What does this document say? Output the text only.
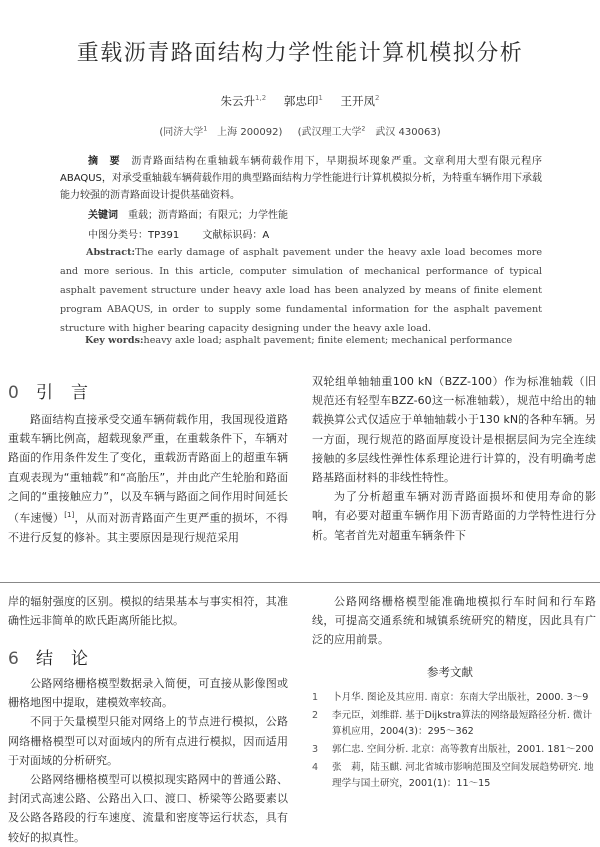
重载沥青路面结构力学性能计算机模拟分析
朱云升$^{1,2}$ 郭忠印$^1$ 王开凤$^2$
(同济大学$^1$　 上海 200092) (武汉理工大学$^2$　 武汉 430063)
摘　要　 沥青路面结构在重轴载车辆荷载作用下，早期损坏现象严重。文章利用大型有限元程序ABAQUS，对承受重轴载车辆荷载作用的典型路面结构力学性能进行计算机模拟分析，为特重车辆作用下承载能力较强的沥青路面设计提供基础资料。
关键词　 重载；沥青路面；有限元；力学性能
中图分类号：TP391 文献标识码：A
Abstract:The early damage of asphalt pavement under the heavy axle load becomes more and more serious. In this article, computer simulation of mechanical performance of typical asphalt pavement structure under heavy axle load has been analyzed by means of finite element program ABAQUS, in order to supply some fundamental information for the asphalt pavement structure with higher bearing capacity designing under the heavy axle load.
Key words:heavy axle load; asphalt pavement; finite element; mechanical performance
0 引言

路面结构直接承受交通车辆荷载作用，我国现役道路重载车辆比例高，超载现象严重，在重载条件下，车辆对路面的作用条件发生了变化，重载沥青路面上的超重车辆直观表现为“重轴载”和“高胎压”，并由此产生轮胎和路面之间的“重接触应力”，以及车辆与路面之间作用时间延长（车速慢）[1]，从而对沥青路面产生更严重的损坏，不得不进行反复的修补。其主要原因是现行规范采用

双轮组单轴轴重100 kN（BZZ-100）作为标准轴载（旧规范还有轻型车BZZ-60这一标准轴载），规范中给出的轴载换算公式仅适应于单轴轴载小于130 kN的各种车辆。另一方面，现行规范的路面厚度设计是根据层间为完全连续接触的多层线性弹性体系理论进行计算的，没有明确考虑路基路面材料的非线性特性。

为了分析超重车辆对沥青路面损坏和使用寿命的影响，有必要对超重车辆作用下沥青路面的力学特性进行分析。笔者首先对超重车辆条件下

岸的辐射强度的区别。模拟的结果基本与事实相符，其准确性远非简单的欧氏距离所能比拟。

6 结论

公路网络栅格模型数据录入简便，可直接从影像图或栅格地图中提取，建模效率较高。

不同于矢量模型只能对网络上的节点进行模拟，公路网络栅格模型可以对面域内的所有点进行模拟，因而适用于对面域的分析研究。

公路网络栅格模型可以模拟现实路网中的普通公路、封闭式高速公路、公路出入口、渡口、桥梁等公路要素以及公路各路段的行车速度、流量和密度等运行状态，具有较好的拟真性。

公路网络栅格模型能准确地模拟行车时间和行车路线，可提高交通系统和城镇系统研究的精度，因此具有广泛的应用前景。

参考文献
1	卜月华. 图论及其应用. 南京：东南大学出版社，2000. 3～9
2	李元臣，刘维群. 基于Dijkstra算法的网络最短路径分析. 微计算机应用，2004(3)：295～362
3	郭仁忠. 空间分析. 北京：高等教育出版社，2001. 181～200
4	张　莉，陆玉麒. 河北省城市影响范围及空间发展趋势研究. 地理学与国土研究，2001(1)：11～15
